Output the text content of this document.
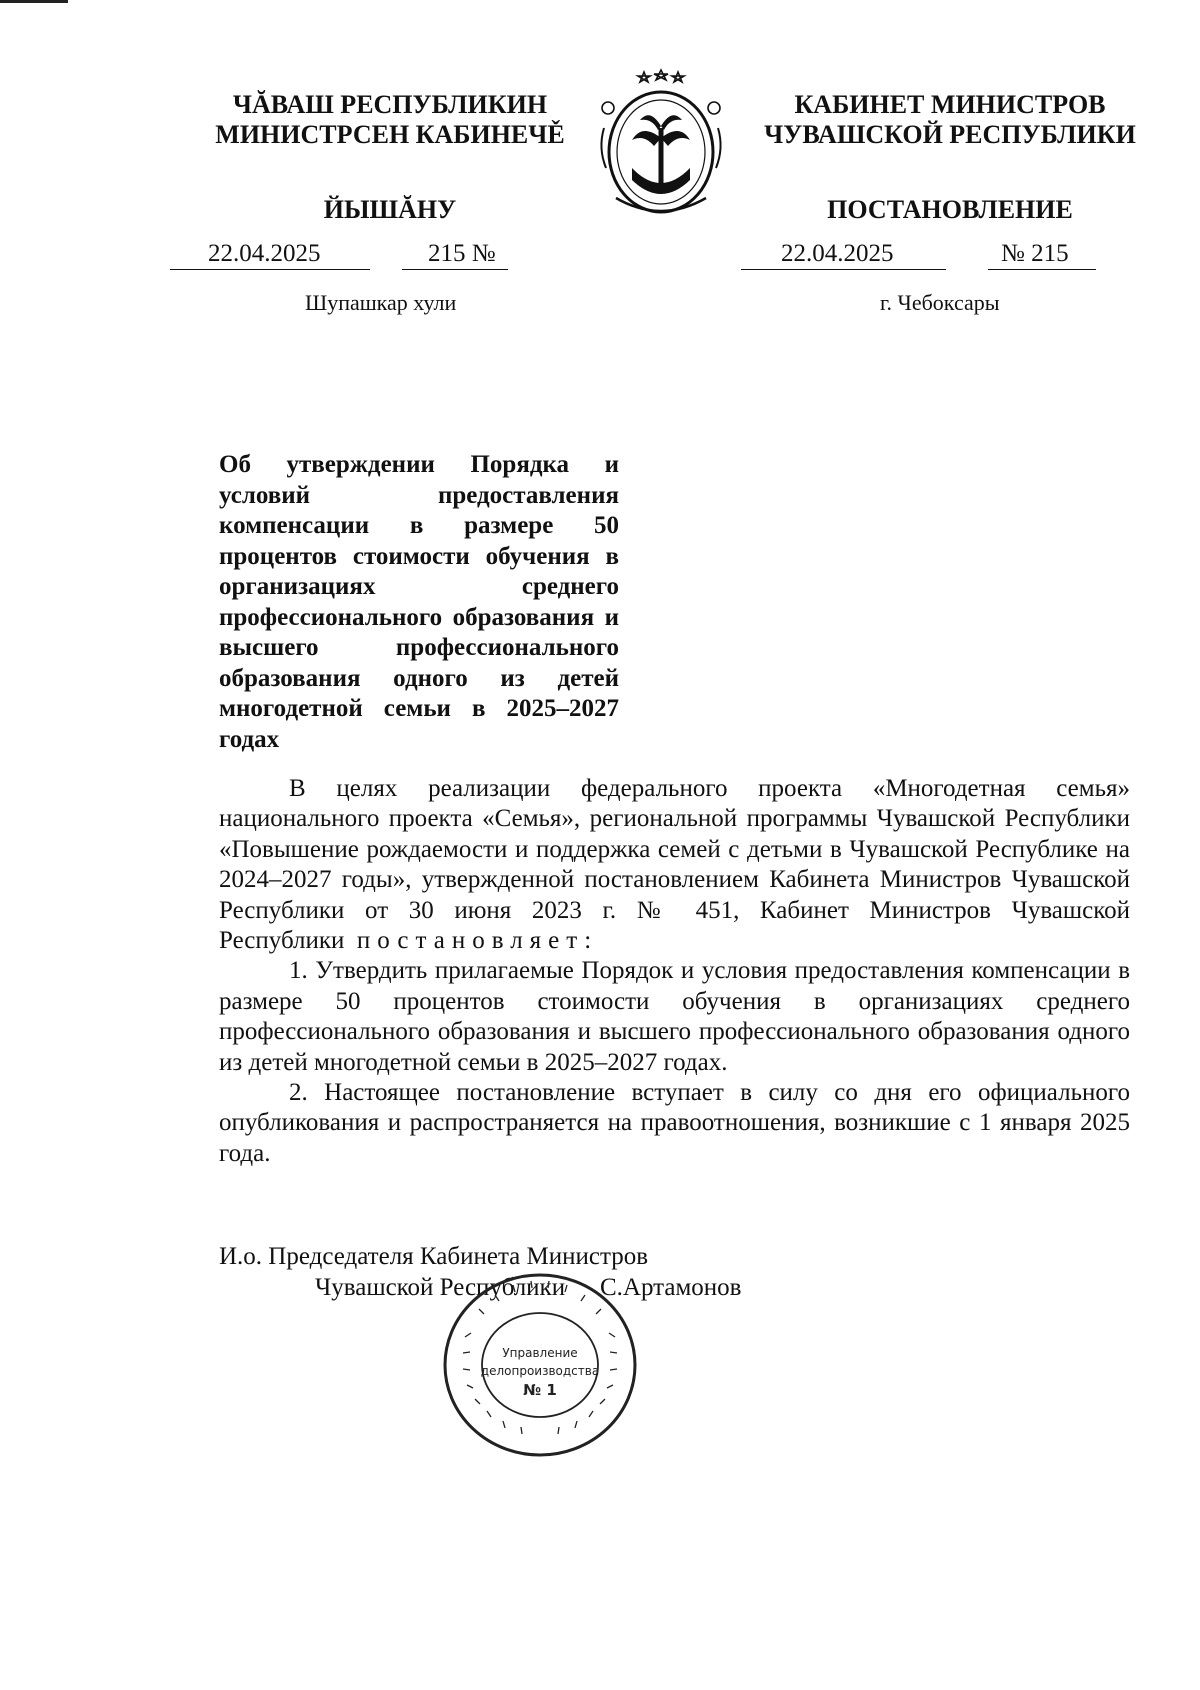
ЧĂВАШ РЕСПУБЛИКИН
МИНИСТРСЕН КАБИНЕЧĚ
ЙЫШĂНУ
КАБИНЕТ МИНИСТРОВ
ЧУВАШСКОЙ РЕСПУБЛИКИ
ПОСТАНОВЛЕНИЕ
22.04.2025	215 №	22.04.2025	№ 215
Шупашкар хули	г. Чебоксары
Об утверждении Порядка и условий предоставления компенсации в размере 50 процентов стоимости обучения в организациях среднего профессионального образования и высшего профессионального образования одного из детей многодетной семьи в 2025–2027 годах

В целях реализации федерального проекта «Многодетная семья» национального проекта «Семья», региональной программы Чувашской Республики «Повышение рождаемости и поддержка семей с детьми в Чувашской Республике на 2024–2027 годы», утвержденной постановлением Кабинета Министров Чувашской Республики от 30 июня 2023 г. № 451, Кабинет Министров Чувашской Республики постановляет:

1. Утвердить прилагаемые Порядок и условия предоставления компенсации в размере 50 процентов стоимости обучения в организациях среднего профессионального образования и высшего профессионального образования одного из детей многодетной семьи в 2025–2027 годах.

2. Настоящее постановление вступает в силу со дня его официального опубликования и распространяется на правоотношения, возникшие с 1 января 2025 года.

И.о. Председателя Кабинета Министров
Чувашской Республики С.Артамонов
Управление
делопроизводства
№ 1
